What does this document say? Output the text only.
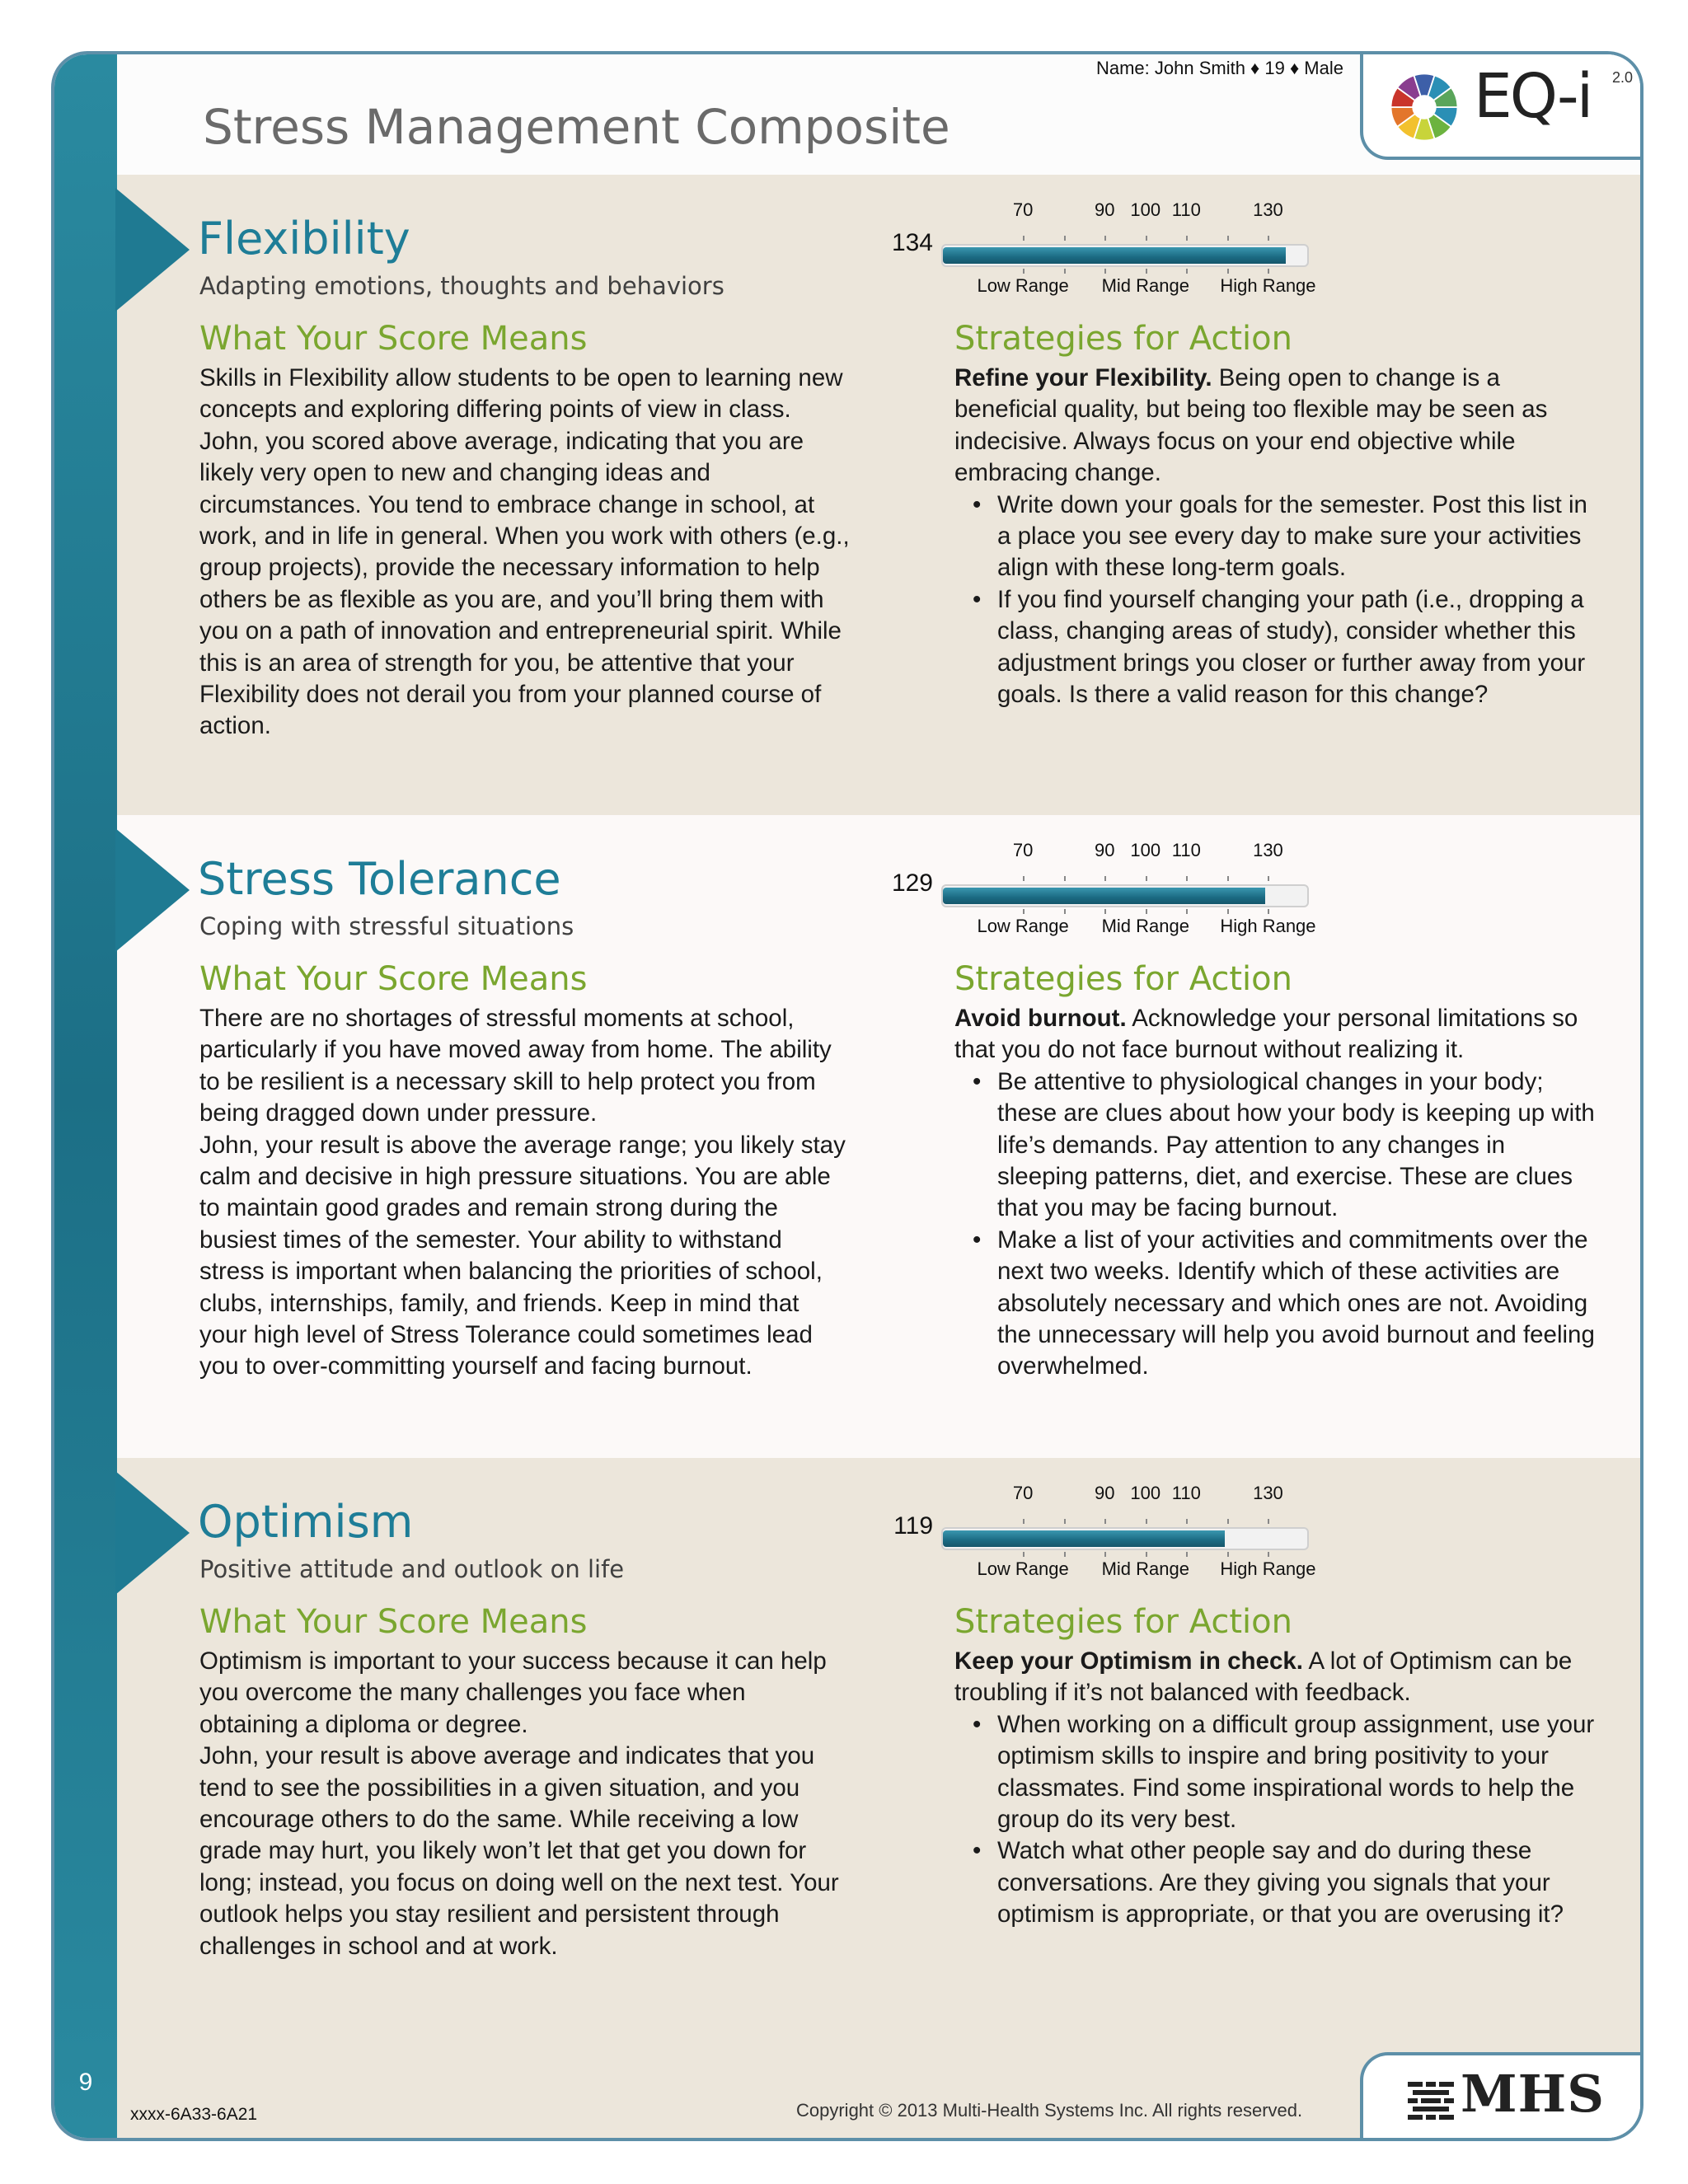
9
Stress Management Composite
Name: John Smith ♦ 19 ♦ Male EQ-i 2.0
Flexibility
Adapting emotions, thoughts and behaviors
134
70	90 100 110	130
Low Range Mid Range High Range
What Your Score Means

Skills in Flexibility allow students to be open to learning new concepts and exploring differing points of view in class.

John, you scored above average, indicating that you are likely very open to new and changing ideas and circumstances. You tend to embrace change in school, at work, and in life in general. When you work with others (e.g., group projects), provide the necessary information to help others be as flexible as you are, and you’ll bring them with you on a path of innovation and entrepreneurial spirit. While this is an area of strength for you, be attentive that your Flexibility does not derail you from your planned course of action.

Strategies for Action

Refine your Flexibility. Being open to change is a beneficial quality, but being too flexible may be seen as indecisive. Always focus on your end objective while embracing change.

• Write down your goals for the semester. Post this list in a place you see every day to make sure your activities align with these long-term goals.
• If you find yourself changing your path (i.e., dropping a class, changing areas of study), consider whether this adjustment brings you closer or further away from your goals. Is there a valid reason for this change?
Stress Tolerance
Coping with stressful situations
129
70	90 100 110	130
Low Range Mid Range High Range
What Your Score Means

There are no shortages of stressful moments at school, particularly if you have moved away from home. The ability to be resilient is a necessary skill to help protect you from being dragged down under pressure.

John, your result is above the average range; you likely stay calm and decisive in high pressure situations. You are able to maintain good grades and remain strong during the busiest times of the semester. Your ability to withstand stress is important when balancing the priorities of school, clubs, internships, family, and friends. Keep in mind that your high level of Stress Tolerance could sometimes lead you to over-committing yourself and facing burnout.

Strategies for Action

Avoid burnout. Acknowledge your personal limitations so that you do not face burnout without realizing it.

• Be attentive to physiological changes in your body; these are clues about how your body is keeping up with life’s demands. Pay attention to any changes in sleeping patterns, diet, and exercise. These are clues that you may be facing burnout.
• Make a list of your activities and commitments over the next two weeks. Identify which of these activities are absolutely necessary and which ones are not. Avoiding the unnecessary will help you avoid burnout and feeling overwhelmed.
Optimism
Positive attitude and outlook on life
119
70	90 100 110	130
Low Range Mid Range High Range
What Your Score Means

Optimism is important to your success because it can help you overcome the many challenges you face when obtaining a diploma or degree.

John, your result is above average and indicates that you tend to see the possibilities in a given situation, and you encourage others to do the same. While receiving a low grade may hurt, you likely won’t let that get you down for long; instead, you focus on doing well on the next test. Your outlook helps you stay resilient and persistent through challenges in school and at work.

Strategies for Action

Keep your Optimism in check. A lot of Optimism can be troubling if it’s not balanced with feedback.

• When working on a difficult group assignment, use your optimism skills to inspire and bring positivity to your classmates. Find some inspirational words to help the group do its very best.
• Watch what other people say and do during these conversations. Are they giving you signals that your optimism is appropriate, or that you are overusing it?
xxxx-6A33-6A21	Copyright © 2013 Multi-Health Systems Inc. All rights reserved.	MHS
